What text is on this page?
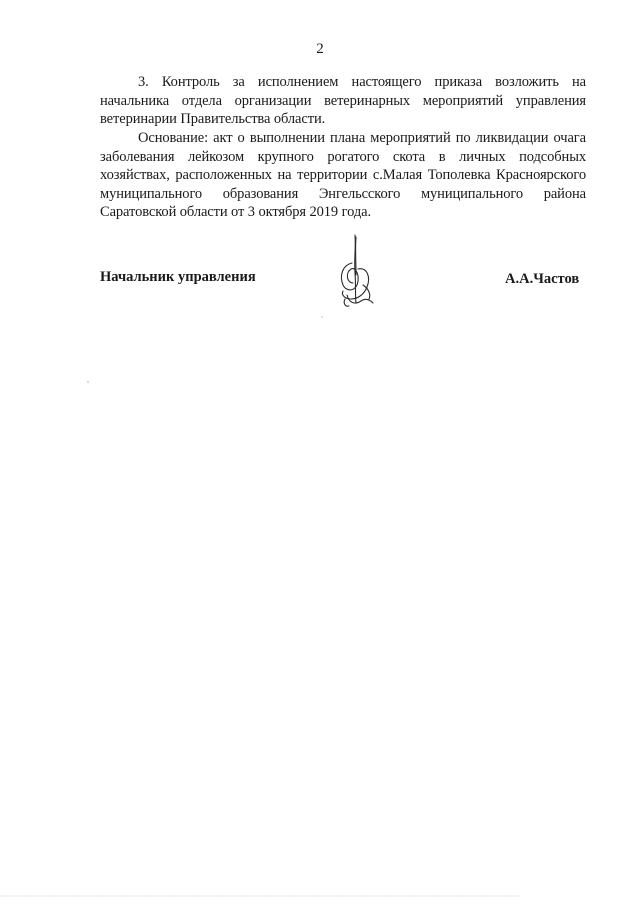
2

3. Контроль за исполнением настоящего приказа возложить на начальника отдела организации ветеринарных мероприятий управления ветеринарии Правительства области.

Основание: акт о выполнении плана мероприятий по ликвидации очага заболевания лейкозом крупного рогатого скота в личных подсобных хозяйствах, расположенных на территории с.Малая Тополевка Красноярского муниципального образования Энгельсского муниципального района Саратовской области от 3 октября 2019 года.

Начальник управления	А.А.Частов
